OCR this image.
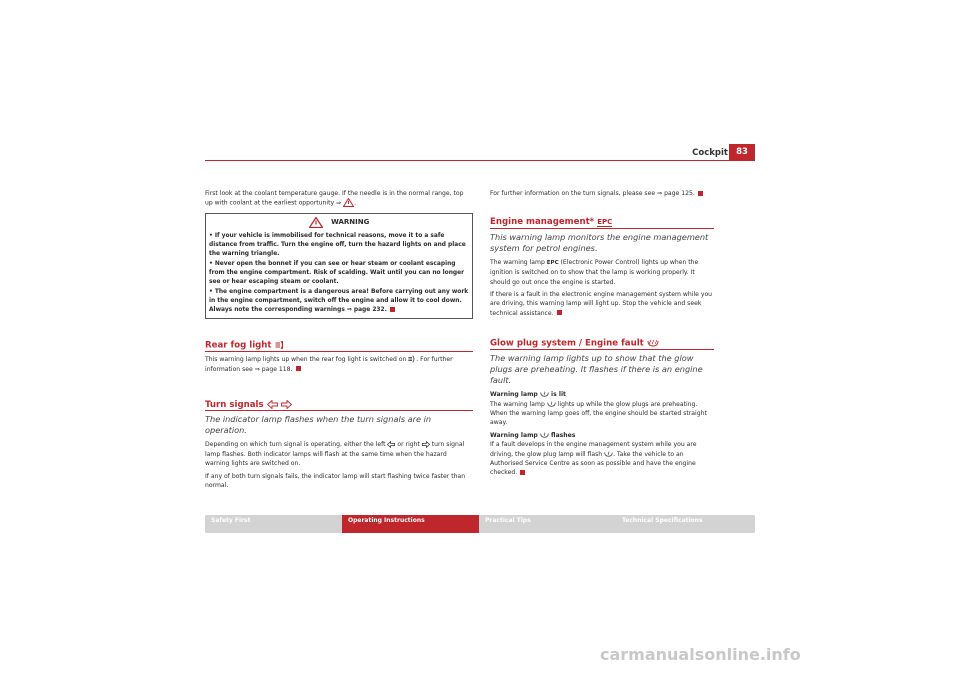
Cockpit 83

First look at the coolant temperature gauge. If the needle is in the normal range, top up with coolant at the earliest opportunity ⇒ .

WARNING

• If your vehicle is immobilised for technical reasons, move it to a safe distance from traffic. Turn the engine off, turn the hazard lights on and place the warning triangle.

• Never open the bonnet if you can see or hear steam or coolant escaping from the engine compartment. Risk of scalding. Wait until you can no longer see or hear escaping steam or coolant.

• The engine compartment is a dangerous area! Before carrying out any work in the engine compartment, switch off the engine and allow it to cool down. Always note the corresponding warnings ⇒ page 232.

Rear fog light

This warning lamp lights up when the rear fog light is switched on . For further information see ⇒ page 118.

Turn signals
The indicator lamp flashes when the turn signals are in operation.

Depending on which turn signal is operating, either the left or right turn signal lamp flashes. Both indicator lamps will flash at the same time when the hazard warning lights are switched on.

If any of both turn signals fails, the indicator lamp will start flashing twice faster than normal.

For further information on the turn signals, please see ⇒ page 125.

Engine management* EPC
This warning lamp monitors the engine management system for petrol engines.

The warning lamp EPC (Electronic Power Control) lights up when the ignition is switched on to show that the lamp is working properly. It should go out once the engine is started.

If there is a fault in the electronic engine management system while you are driving, this warning lamp will light up. Stop the vehicle and seek technical assistance.

Glow plug system / Engine fault
The warning lamp lights up to show that the glow plugs are preheating. It flashes if there is an engine fault.

Warning lamp is lit

The warning lamp lights up while the glow plugs are preheating. When the warning lamp goes off, the engine should be started straight away.

Warning lamp flashes

If a fault develops in the engine management system while you are driving, the glow plug lamp will flash . Take the vehicle to an Authorised Service Centre as soon as possible and have the engine checked.

Safety First	Operating Instructions	Practical Tips	Technical Specifications
carmanualsonline.info
